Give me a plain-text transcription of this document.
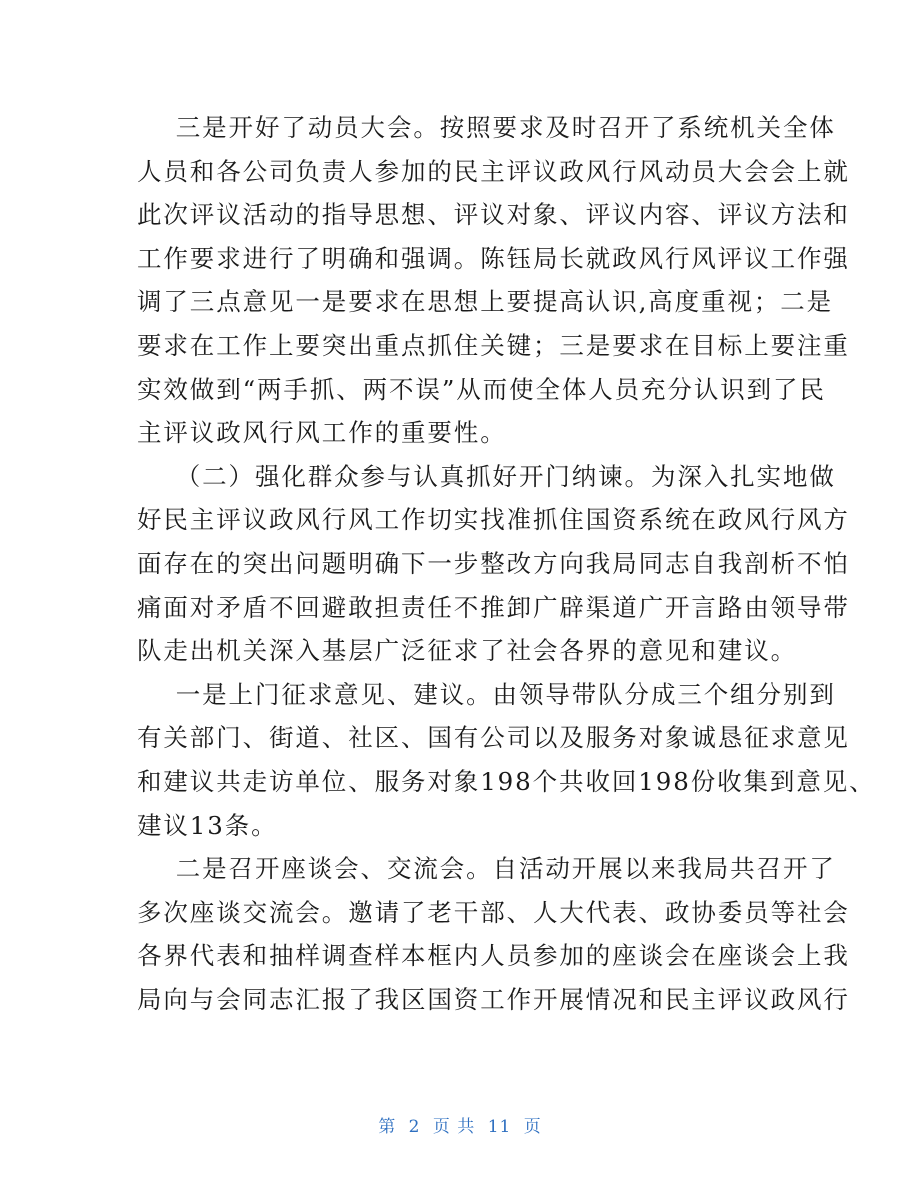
三是开好了动员大会。按照要求及时召开了系统机关全体
人员和各公司负责人参加的民主评议政风行风动员大会会上就
此次评议活动的指导思想、评议对象、评议内容、评议方法和
工作要求进行了明确和强调。陈钰局长就政风行风评议工作强
调了三点意见一是要求在思想上要提高认识,高度重视；二是
要求在工作上要突出重点抓住关键；三是要求在目标上要注重
实效做到“两手抓、两不误”从而使全体人员充分认识到了民
主评议政风行风工作的重要性。
（二）强化群众参与认真抓好开门纳谏。为深入扎实地做
好民主评议政风行风工作切实找准抓住国资系统在政风行风方
面存在的突出问题明确下一步整改方向我局同志自我剖析不怕
痛面对矛盾不回避敢担责任不推卸广辟渠道广开言路由领导带
队走出机关深入基层广泛征求了社会各界的意见和建议。
一是上门征求意见、建议。由领导带队分成三个组分别到
有关部门、街道、社区、国有公司以及服务对象诚恳征求意见
和建议共走访单位、服务对象198个共收回198份收集到意见、
建议13条。
二是召开座谈会、交流会。自活动开展以来我局共召开了
多次座谈交流会。邀请了老干部、人大代表、政协委员等社会
各界代表和抽样调查样本框内人员参加的座谈会在座谈会上我
局向与会同志汇报了我区国资工作开展情况和民主评议政风行
第 2 页 共 11 页
